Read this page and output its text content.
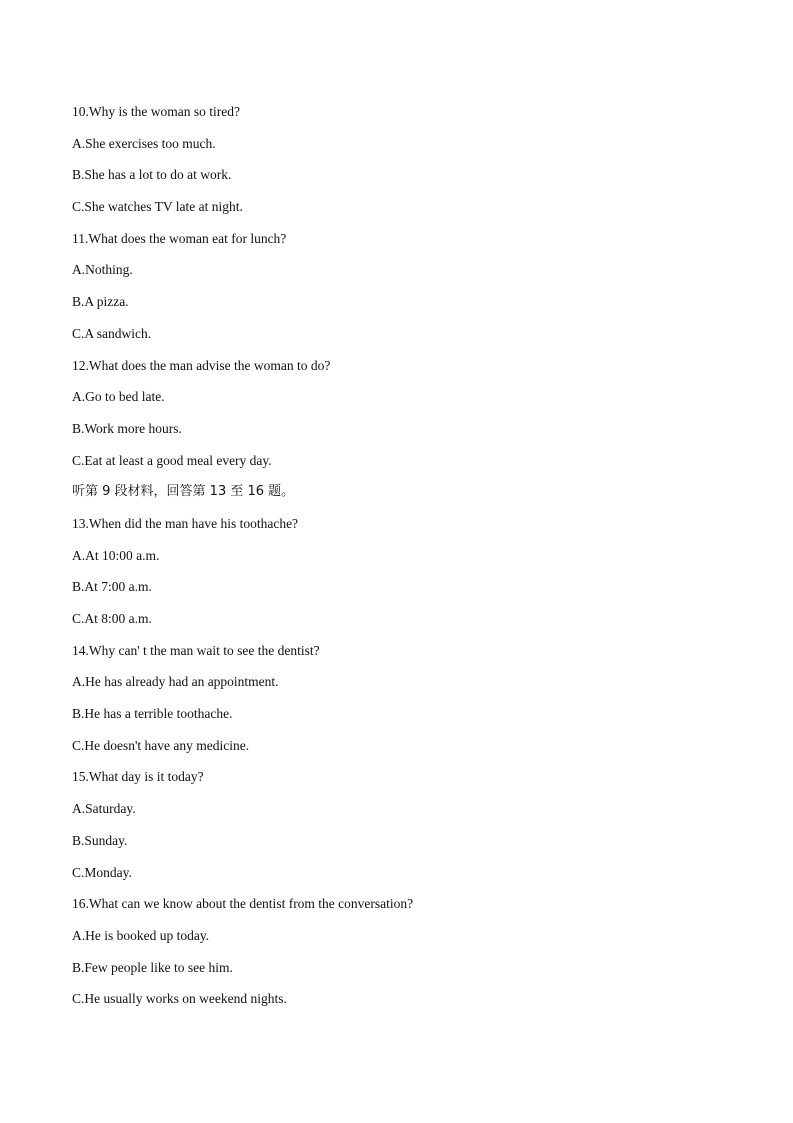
10.Why is the woman so tired?
A.She exercises too much.
B.She has a lot to do at work.
C.She watches TV late at night.
11.What does the woman eat for lunch?
A.Nothing.
B.A pizza.
C.A sandwich.
12.What does the man advise the woman to do?
A.Go to bed late.
B.Work more hours.
C.Eat at least a good meal every day.
听第 9 段材料，回答第 13 至 16 题。
13.When did the man have his toothache?
A.At 10:00 a.m.
B.At 7:00 a.m.
C.At 8:00 a.m.
14.Why can' t the man wait to see the dentist?
A.He has already had an appointment.
B.He has a terrible toothache.
C.He doesn't have any medicine.
15.What day is it today?
A.Saturday.
B.Sunday.
C.Monday.
16.What can we know about the dentist from the conversation?
A.He is booked up today.
B.Few people like to see him.
C.He usually works on weekend nights.
